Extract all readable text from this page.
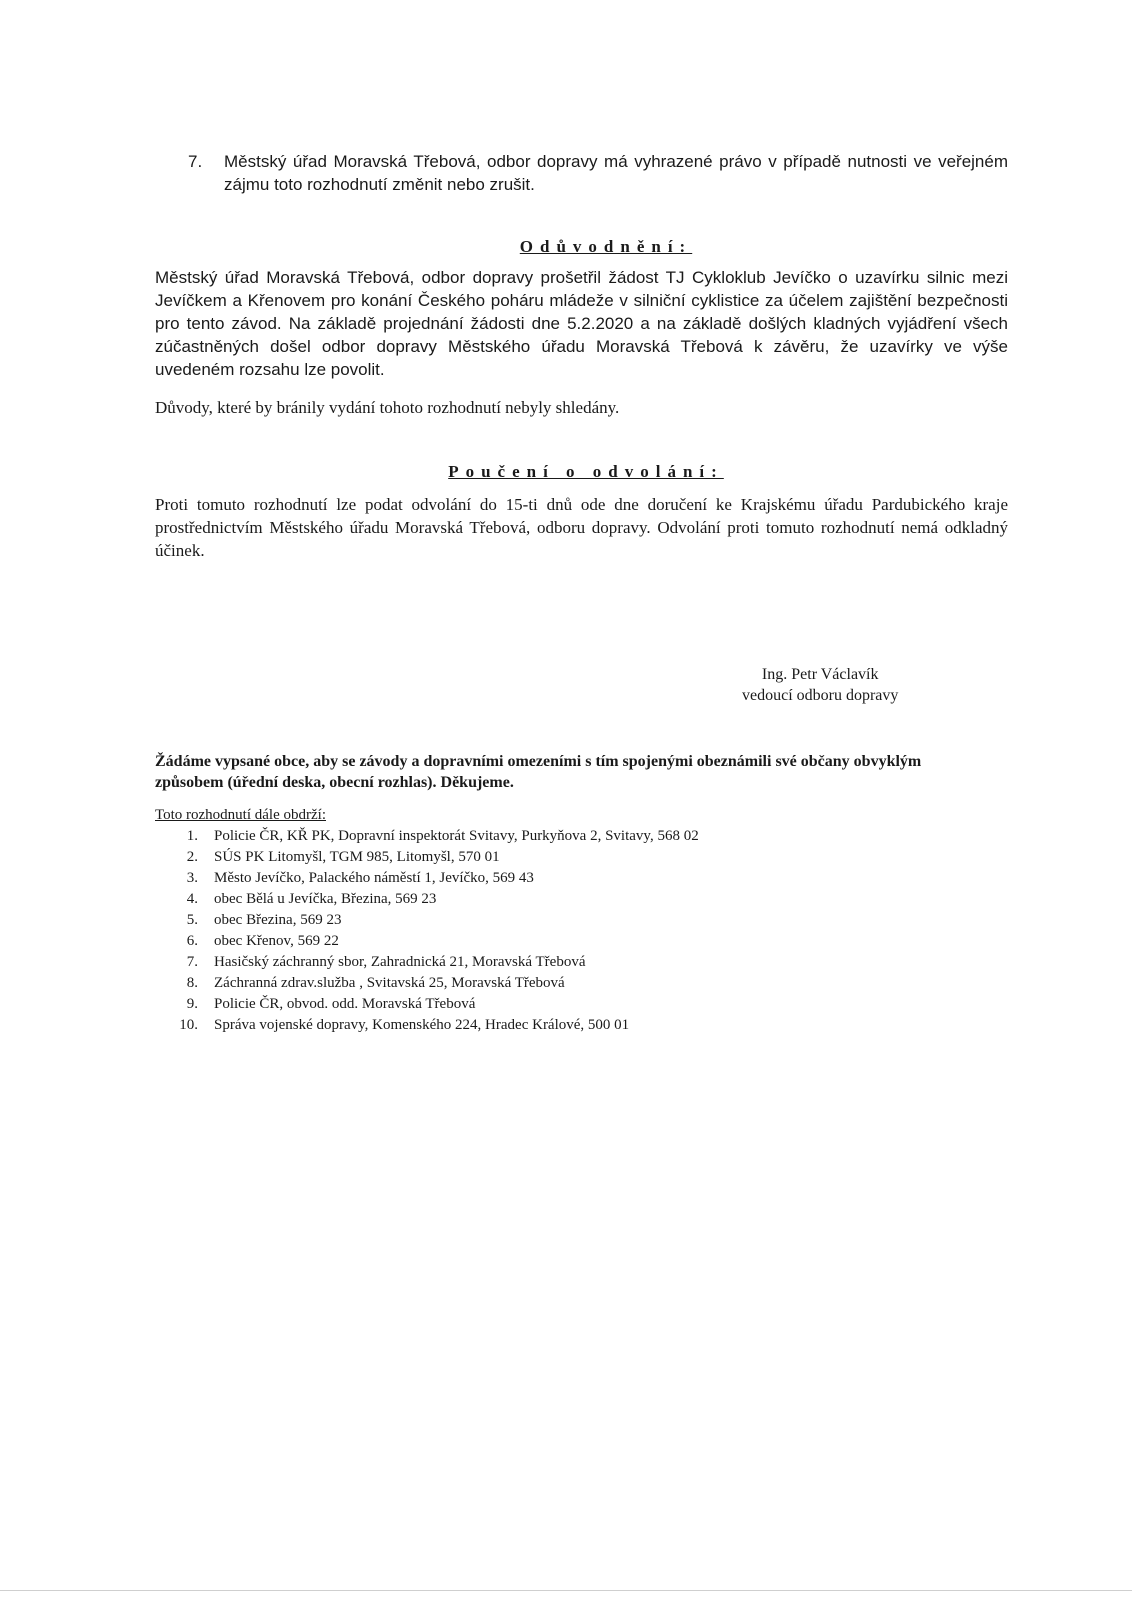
7. Městský úřad Moravská Třebová, odbor dopravy má vyhrazené právo v případě nutnosti ve veřejném zájmu toto rozhodnutí změnit nebo zrušit.
Odůvodnění:
Městský úřad Moravská Třebová, odbor dopravy prošetřil žádost TJ Cykloklub Jevíčko o uzavírku silnic mezi Jevíčkem a Křenovem pro konání Českého poháru mládeže v silniční cyklistice za účelem zajištění bezpečnosti pro tento závod. Na základě projednání žádosti dne 5.2.2020 a na základě došlých kladných vyjádření všech zúčastněných došel odbor dopravy Městského úřadu Moravská Třebová k závěru, že uzavírky ve výše uvedeném rozsahu lze povolit.
Důvody, které by bránily vydání tohoto rozhodnutí nebyly shledány.
Poučení o odvolání:
Proti tomuto rozhodnutí lze podat odvolání do 15-ti dnů ode dne doručení ke Krajskému úřadu Pardubického kraje prostřednictvím Městského úřadu Moravská Třebová, odboru dopravy. Odvolání proti tomuto rozhodnutí nemá odkladný účinek.
Ing. Petr Václavík
vedoucí odboru dopravy
Žádáme vypsané obce, aby se závody a dopravními omezeními s tím spojenými obeznámili své občany obvyklým způsobem (úřední deska, obecní rozhlas). Děkujeme.
Toto rozhodnutí dále obdrží:
1. Policie ČR, KŘ PK, Dopravní inspektorát Svitavy, Purkyňova 2, Svitavy, 568 02
2. SÚS PK Litomyšl, TGM 985, Litomyšl, 570 01
3. Město Jevíčko, Palackého náměstí 1, Jevíčko, 569 43
4. obec Bělá u Jevíčka, Březina, 569 23
5. obec Březina, 569 23
6. obec Křenov, 569 22
7. Hasičský záchranný sbor, Zahradnická 21, Moravská Třebová
8. Záchranná zdrav.služba , Svitavská 25, Moravská Třebová
9. Policie ČR, obvod. odd. Moravská Třebová
10. Správa vojenské dopravy, Komenského 224, Hradec Králové, 500 01
